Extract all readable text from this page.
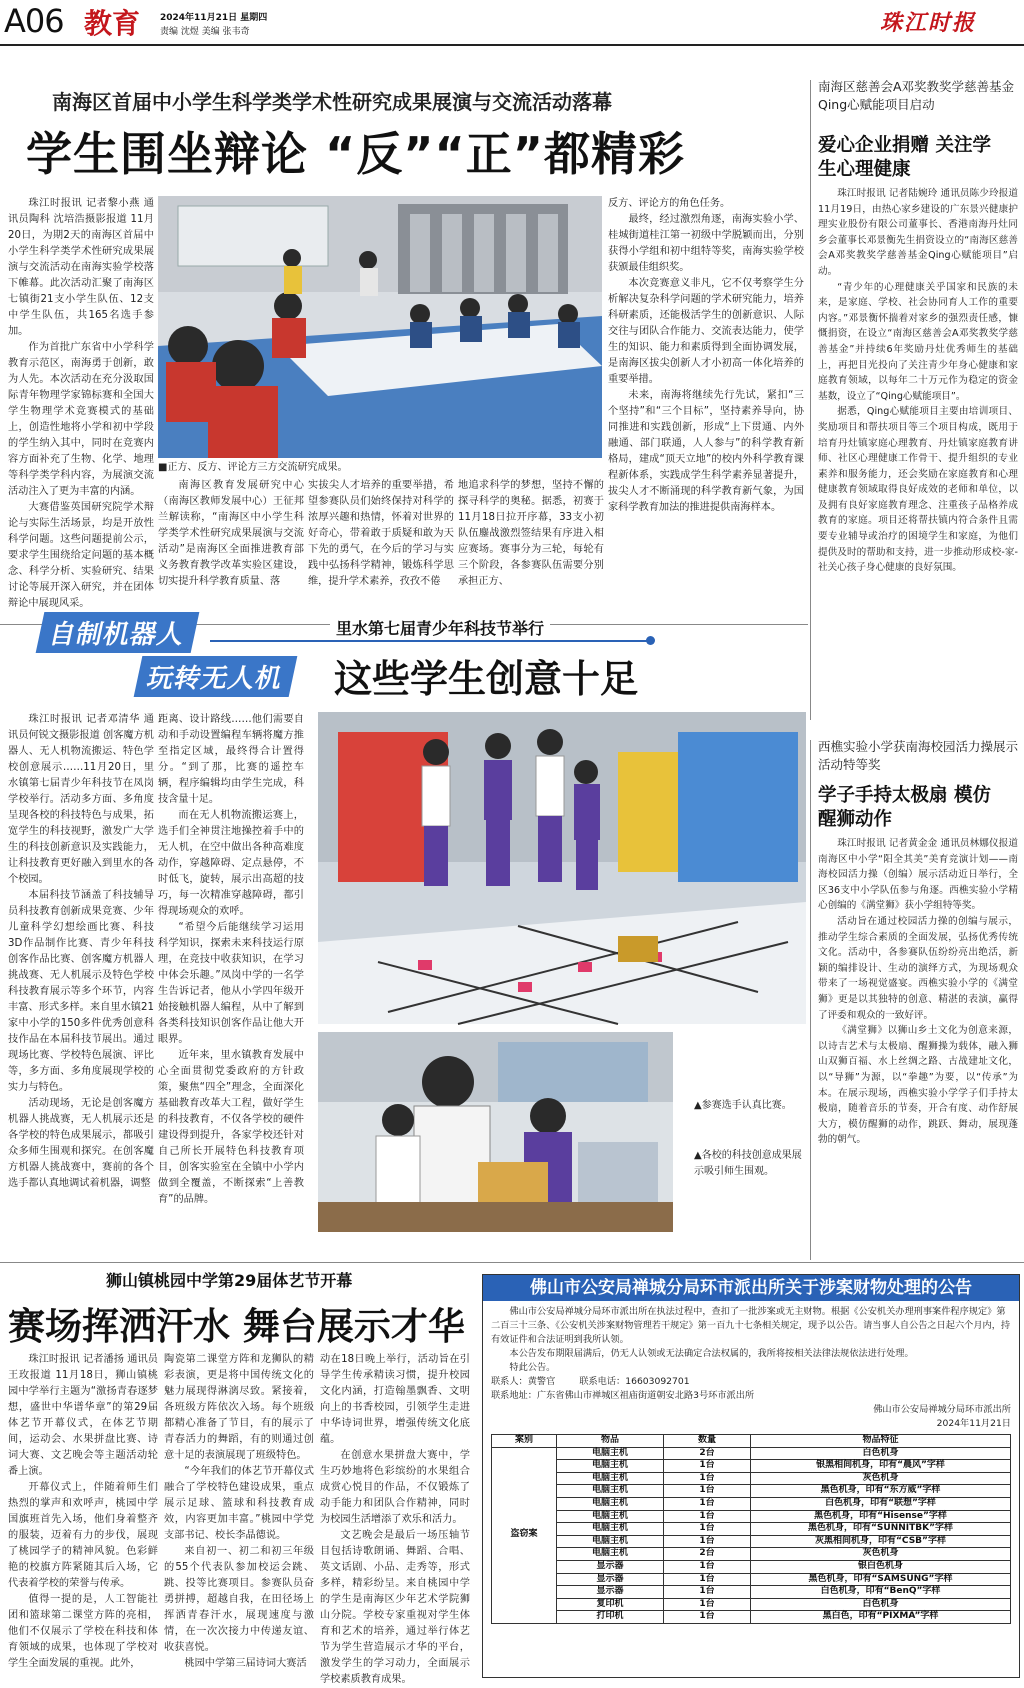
A06 教育 2024年11月21日 星期四
责编 沈煜 美编 张韦奇	珠江时报
南海区首届中小学生科学类学术性研究成果展演与交流活动落幕
学生围坐辩论 “反”“正”都精彩

珠江时报讯 记者黎小燕 通讯员陶科 沈培浩摄影报道 11月20日，为期2天的南海区首届中小学生科学类学术性研究成果展演与交流活动在南海实验学校落下帷幕。此次活动汇聚了南海区七镇街21支小学生队伍、12支中学生队伍，共165名选手参加。

作为首批广东省中小学科学教育示范区，南海勇于创新，敢为人先。本次活动在充分汲取国际青年物理学家锦标赛和全国大学生物理学术竞赛模式的基础上，创造性地将小学和初中学段的学生纳入其中，同时在竞赛内容方面补充了生物、化学、地理等科学类学科内容，为展演交流活动注入了更为丰富的内涵。

大赛借鉴英国研究院学术辩论与实际生活场景，均是开放性科学问题。这些问题提前公示，要求学生围绕给定问题的基本概念、科学分析、实验研究、结果讨论等展开深入研究，并在团体辩论中展现风采。

■正方、反方、评论方三方交流研究成果。

南海区教育发展研究中心（南海区教师发展中心）王征邦兰解读称，“南海区中小学生科学类学术性研究成果展演与交流活动”是南海区全面推进教育部义务教育教学改革实验区建设，切实提升科学教育质量、落

实拔尖人才培养的重要举措，希望参赛队员们始终保持对科学的浓厚兴趣和热情，怀着对世界的好奇心，带着敢于质疑和敢为天下先的勇气，在今后的学习与实践中弘扬科学精神，锻炼科学思维，提升学术素养，孜孜不倦

地追求科学的梦想，坚持不懈的探寻科学的奥秘。据悉，初赛于11月18日拉开序幕，33支小初队伍鏖战激烈签结果有序进入相应赛场。赛事分为三轮，每轮有三个阶段，各参赛队伍需要分别承担正方、

反方、评论方的角色任务。

最终，经过激烈角逐，南海实验小学、桂城街道桂江第一初级中学脱颖而出，分别获得小学组和初中组特等奖，南海实验学校获颁最佳组织奖。

本次竞赛意义非凡，它不仅考察学生分析解决复杂科学问题的学术研究能力，培养科研素质，还能极活学生的创新意识、人际交往与团队合作能力、交流表达能力，使学生的知识、能力和素质得到全面协调发展，是南海区拔尖创新人才小初高一体化培养的重要举措。

未来，南海将继续先行先试，紧扣“三个坚持”和“三个目标”，坚持素养导向，协同推进和实践创新，形成“上下贯通、内外融通、部门联通，人人参与”的科学教育新格局，建成“顶天立地”的校内外科学教育课程新体系，实践成学生科学素养显著提升，拔尖人才不断涌现的科学教育新气象，为国家科学教育加法的推进提供南海样本。

南海区慈善会A邓奖教奖学慈善基金Qing心赋能项目启动
爱心企业捐赠 关注学生心理健康

珠江时报讯 记者陆婉玲 通讯员陈少玲报道 11月19日，由热心家乡建设的广东景兴健康护理实业股份有限公司董事长、香港南海丹灶同乡会董事长邓景衡先生捐资设立的“南海区慈善会A邓奖教奖学慈善基金Qing心赋能项目”启动。

“青少年的心理健康关乎国家和民族的未来，是家庭、学校、社会协同育人工作的重要内容。”邓景衡怀揣着对家乡的强烈责任感，慷慨捐资，在设立“南海区慈善会A邓奖教奖学慈善基金”并持续6年奖励丹灶优秀师生的基础上，再把目光投向了关注青少年身心健康和家庭教育领域，以每年二十万元作为稳定的资金基数，设立了“Qing心赋能项目”。

据悉，Qing心赋能项目主要由培训项目、奖励项目和帮扶项目等三个项目构成，既用于培育丹灶镇家庭心理教育、丹灶镇家庭教育讲师、社区心理健康工作骨干、提升组织的专业素养和服务能力，还会奖励在家庭教育和心理健康教育领域取得良好成效的老师和单位，以及拥有良好家庭教育理念、注重孩子品格养成教育的家庭。项目还将帮扶镇内符合条件且需要专业辅导或治疗的困境学生和家庭，为他们提供及时的帮助和支持，进一步推动形成校-家-社关心孩子身心健康的良好氛围。

自制机器人
玩转无人机
里水第七届青少年科技节举行
这些学生创意十足

珠江时报讯 记者邓清华 通讯员何锐文摄影报道 创客魔方机器人、无人机物流搬运、特色学校创意展示……11月20日，里水镇第七届青少年科技节在凤岗学校举行。活动多方面、多角度呈现各校的科技特色与成果，拓宽学生的科技视野，激发广大学生的科技创新意识及实践能力，让科技教育更好融入到里水的各个校园。

本届科技节涵盖了科技辅导员科技教育创新成果竞赛、少年儿童科学幻想绘画比赛、科技3D作品制作比赛、青少年科技创客作品比赛、创客魔方机器人挑战赛、无人机展示及特色学校科技教育展示等多个环节，内容丰富、形式多样。来自里水镇21家中小学的150多件优秀创意科技作品在本届科技节展出。通过现场比赛、学校特色展演、评比等，多方面、多角度展现学校的实力与特色。

活动现场，无论是创客魔方机器人挑战赛，无人机展示还是各学校的特色成果展示，都吸引众多师生围观和探究。在创客魔方机器人挑战赛中，赛前的各个选手都认真地调试着机器，调整

距离、设计路线……他们需要自动和手动设置编程车辆将魔方推至指定区域，最终得合计置得分。“到了那，比赛的遥控车辆，程序编辑均由学生完成，科技含量十足。

而在无人机物流搬运赛上，选手们全神贯注地操控着手中的无人机，在空中做出各种高难度动作，穿越障碍、定点悬停，不时低飞，旋转，展示出高超的技巧，每一次精准穿越障碍，都引得现场观众的欢呼。

“希望今后能继续学习运用科学知识，探索未来科技运行原理，在竞技中收获知识，在学习中体会乐趣。”凤岗中学的一名学生告诉记者，他从小学四年级开始接触机器人编程，从中了解到各类科技知识创客作品让他大开眼界。

近年来，里水镇教育发展中心全面贯彻党委政府的方针政策，聚焦“四全”理念，全面深化基础教育改革大工程，做好学生的科技教育，不仅各学校的硬件建设得到提升，各家学校还针对自己所长开展特色科技教育项目，创客实验室在全镇中小学内做到全覆盖，不断探索“上善教育”的品牌。

▲参赛选手认真比赛。
▲各校的科技创意成果展示吸引师生围观。
西樵实验小学获南海校园活力操展示活动特等奖
学子手持太极扇 模仿醒狮动作

珠江时报讯 记者黄金金 通讯员林娜仪报道 南海区中小学“阳全其美”美育竞演计划——南海校园活力操（创编）展示活动近日举行，全区36支中小学队伍参与角逐。西樵实验小学精心创编的《满堂狮》获小学组特等奖。

活动旨在通过校园活力操的创编与展示，推动学生综合素质的全面发展，弘扬优秀传统文化。活动中，各参赛队伍纷纷亮出绝活，新颖的编排设计、生动的演绎方式，为现场观众带来了一场视觉盛宴。西樵实验小学的《满堂狮》更是以其独特的创意、精湛的表演，赢得了评委和观众的一致好评。

《满堂狮》以狮山乡土文化为创意来源，以诗吉艺术与太极扇、醒狮操为载体，融入狮山双狮百福、水上丝绸之路、古战建址文化，以“导狮”为源，以“拳趣”为要，以“传承”为本。在展示现场，西樵实验小学学子们手持太极扇，随着音乐的节奏，开合有度、动作舒展大方，模仿醒狮的动作，跳跃、舞动，展现蓬勃的朝气。

狮山镇桃园中学第29届体艺节开幕
赛场挥洒汗水 舞台展示才华

珠江时报讯 记者潘扬 通讯员王玫报道 11月18日，狮山镇桃园中学举行主题为“激扬青春逐梦想，盛世中华谱华章”的第29届体艺节开幕仪式，在体艺节期间，运动会、水果拼盘比赛、诗词大赛、文艺晚会等主题活动轮番上演。

开幕仪式上，伴随着师生们热烈的掌声和欢呼声，桃园中学国旗班首先入场，他们身着整齐的服装，迈着有力的步伐，展现了桃园学子的精神风貌。色彩鲜艳的校旗方阵紧随其后入场，它代表着学校的荣誉与传承。

值得一提的是，人工智能社团和篮球第二课堂方阵的亮相，他们不仅展示了学校在科技和体育领域的成果，也体现了学校对学生全面发展的重视。此外，

陶瓷第二课堂方阵和龙狮队的精彩表演，更是将中国传统文化的魅力展现得淋漓尽致。紧接着，各班级方阵依次入场。每个班级都精心准备了节目，有的展示了青春活力的舞蹈，有的则通过创意十足的表演展现了班级特色。

“今年我们的体艺节开幕仪式融合了学校特色建设成果，重点展示足球、篮球和科技教育成效，内容更加丰富。”桃园中学党支部书记、校长李晶德说。

来自初一、初二和初三年级的55个代表队参加校运会跳、跳、投等比赛项目。参赛队员奋勇拼搏，超越自我，在田径场上挥洒青春汗水，展现速度与激情，在一次次接力中传递友谊、收获喜悦。

桃园中学第三届诗词大赛活

动在18日晚上举行，活动旨在引导学生传承精读习惯，提升校园文化内涵，打造翰墨飘香、文明向上的书香校园，引领学生走进中华诗词世界，增强传统文化底蕴。

在创意水果拼盘大赛中，学生巧妙地将色彩缤纷的水果组合成赏心悦目的作品，不仅锻炼了动手能力和团队合作精神，同时为校园生活增添了欢乐和活力。

文艺晚会是最后一场压轴节目包括诗歌朗诵、舞蹈、合唱、英文话剧、小品、走秀等，形式多样，精彩纷呈。来自桃园中学的学生是南海区少年艺术学院狮山分院。学校专家重视对学生体育和艺术的培养，通过举行体艺节为学生营造展示才华的平台，激发学生的学习动力，全面展示学校素质教育成果。

佛山市公安局禅城分局环市派出所关于涉案财物处理的公告
佛山市公安局禅城分局环市派出所在执法过程中，查扣了一批涉案或无主财物。根据《公安机关办理刑事案件程序规定》第二百三十三条、《公安机关涉案财物管理若干规定》第一百九十七条相关规定，现予以公告。请当事人自公告之日起六个月内，持有效证件和合法证明到我所认领。
本公告发布期限届满后，仍无人认领或无法确定合法权属的，我所将按相关法律法规依法进行处理。
特此公告。
联系人：黄警官	联系电话：16603092701
联系地址：广东省佛山市禅城区祖庙街道朝安北路3号环市派出所
佛山市公安局禅城分局环市派出所
2024年11月21日
案别	物品	数量	物品特征
盗窃案	电脑主机	2台	白色机身
	电脑主机	1台	银黑相间机身，印有“晨风”字样
	电脑主机	1台	灰色机身
	电脑主机	1台	黑色机身，印有“东方威”字样
	电脑主机	1台	白色机身，印有“联想”字样
	电脑主机	1台	黑色机身，印有“Hisense”字样
	电脑主机	1台	黑色机身，印有“SUNNITBK”字样
	电脑主机	1台	灰黑相间机身，印有“CSB”字样
	电脑主机	2台	灰色机身
	显示器	1台	银白色机身
	显示器	1台	黑色机身，印有“SAMSUNG”字样
	显示器	1台	白色机身，印有“BenQ”字样
	复印机	1台	白色机身
	打印机	1台	黑白色，印有“PIXMA”字样
